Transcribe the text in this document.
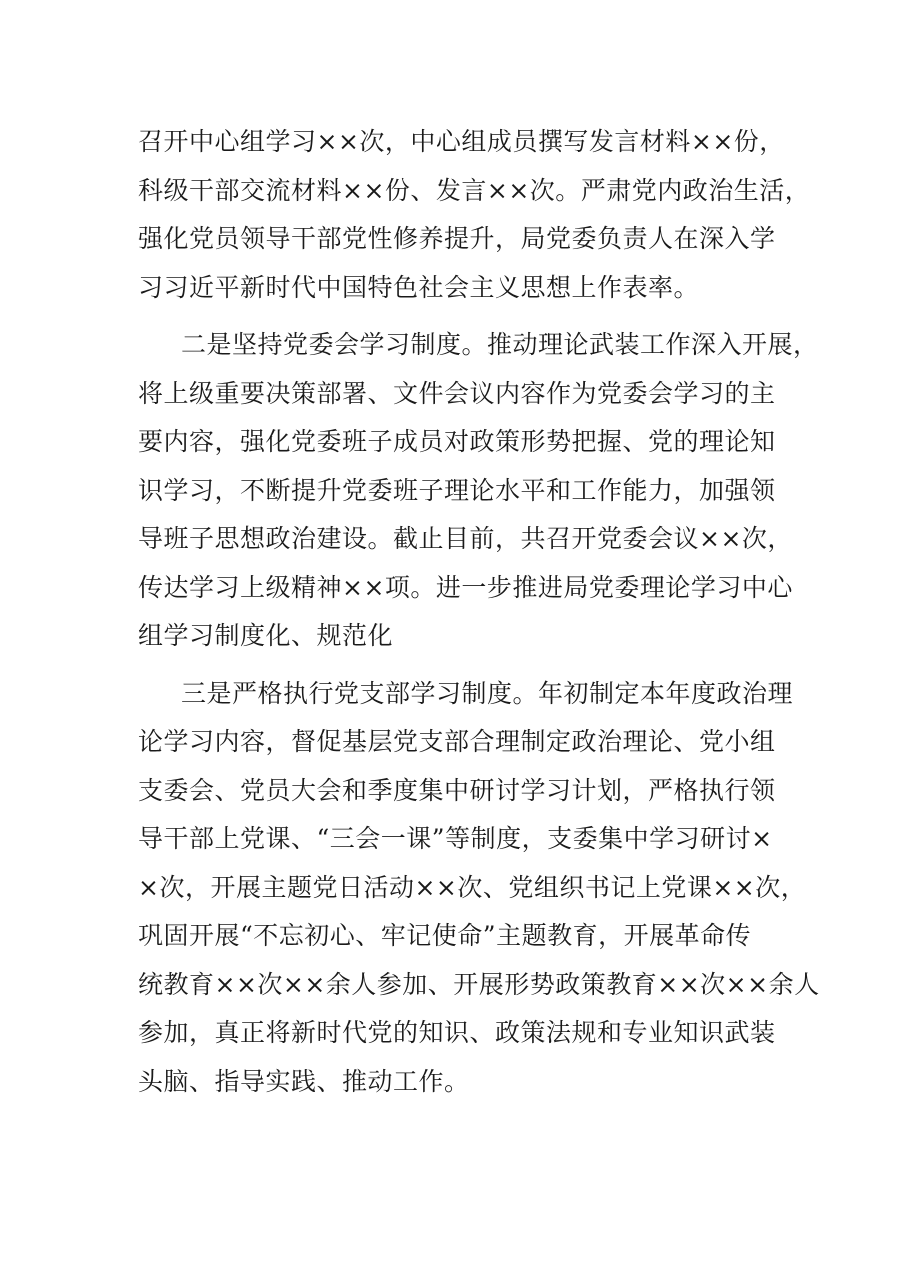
召开中心组学习××次，中心组成员撰写发言材料××份，
科级干部交流材料××份、发言××次。严肃党内政治生活，
强化党员领导干部党性修养提升，局党委负责人在深入学
习习近平新时代中国特色社会主义思想上作表率。
二是坚持党委会学习制度。推动理论武装工作深入开展，
将上级重要决策部署、文件会议内容作为党委会学习的主
要内容，强化党委班子成员对政策形势把握、党的理论知
识学习，不断提升党委班子理论水平和工作能力，加强领
导班子思想政治建设。截止目前，共召开党委会议××次，
传达学习上级精神××项。进一步推进局党委理论学习中心
组学习制度化、规范化
三是严格执行党支部学习制度。年初制定本年度政治理
论学习内容，督促基层党支部合理制定政治理论、党小组
支委会、党员大会和季度集中研讨学习计划，严格执行领
导干部上党课、“三会一课”等制度，支委集中学习研讨×
×次，开展主题党日活动××次、党组织书记上党课××次，
巩固开展“不忘初心、牢记使命”主题教育，开展革命传
统教育××次××余人参加、开展形势政策教育××次××余人
参加，真正将新时代党的知识、政策法规和专业知识武装
头脑、指导实践、推动工作。
